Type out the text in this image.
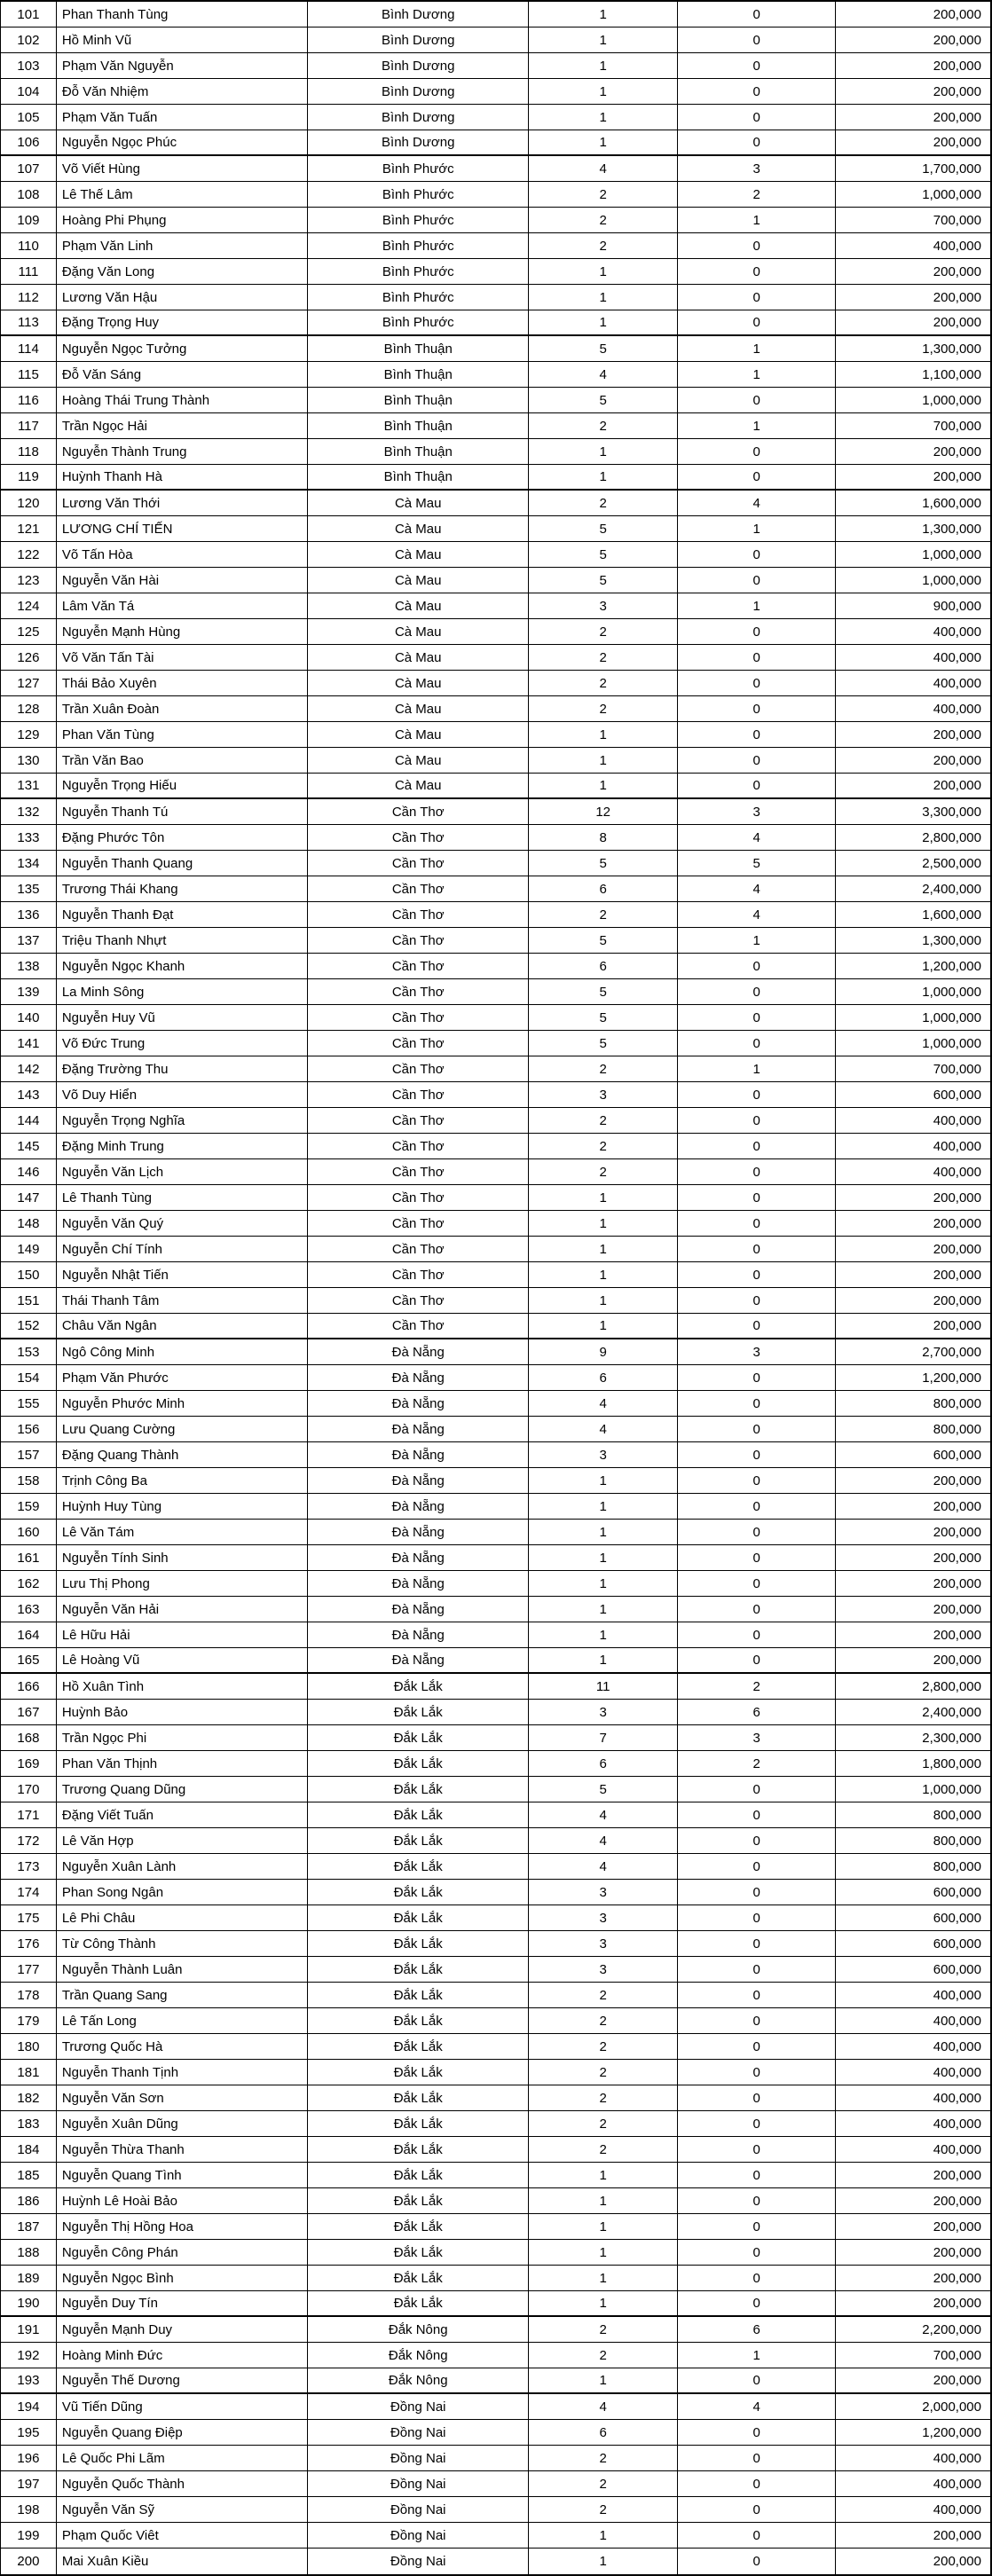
101	Phan Thanh Tùng	Bình Dương	1	0	200,000
102	Hồ Minh Vũ	Bình Dương	1	0	200,000
103	Phạm Văn Nguyễn	Bình Dương	1	0	200,000
104	Đỗ Văn Nhiệm	Bình Dương	1	0	200,000
105	Phạm Văn Tuấn	Bình Dương	1	0	200,000
106	Nguyễn Ngọc Phúc	Bình Dương	1	0	200,000
107	Võ Viết Hùng	Bình Phước	4	3	1,700,000
108	Lê Thế Lâm	Bình Phước	2	2	1,000,000
109	Hoàng Phi Phụng	Bình Phước	2	1	700,000
110	Phạm Văn Linh	Bình Phước	2	0	400,000
111	Đặng Văn Long	Bình Phước	1	0	200,000
112	Lương Văn Hậu	Bình Phước	1	0	200,000
113	Đặng Trọng Huy	Bình Phước	1	0	200,000
114	Nguyễn Ngọc Tưởng	Bình Thuận	5	1	1,300,000
115	Đỗ Văn Sáng	Bình Thuận	4	1	1,100,000
116	Hoàng Thái Trung Thành	Bình Thuận	5	0	1,000,000
117	Trần Ngọc Hải	Bình Thuận	2	1	700,000
118	Nguyễn Thành Trung	Bình Thuận	1	0	200,000
119	Huỳnh Thanh Hà	Bình Thuận	1	0	200,000
120	Lương Văn Thới	Cà Mau	2	4	1,600,000
121	LƯƠNG CHÍ TIẾN	Cà Mau	5	1	1,300,000
122	Võ Tấn Hòa	Cà Mau	5	0	1,000,000
123	Nguyễn Văn Hài	Cà Mau	5	0	1,000,000
124	Lâm Văn Tá	Cà Mau	3	1	900,000
125	Nguyễn Mạnh Hùng	Cà Mau	2	0	400,000
126	Võ Văn Tấn Tài	Cà Mau	2	0	400,000
127	Thái Bảo Xuyên	Cà Mau	2	0	400,000
128	Trần Xuân Đoàn	Cà Mau	2	0	400,000
129	Phan Văn Tùng	Cà Mau	1	0	200,000
130	Trần Văn Bao	Cà Mau	1	0	200,000
131	Nguyễn Trọng Hiếu	Cà Mau	1	0	200,000
132	Nguyễn Thanh Tú	Cần Thơ	12	3	3,300,000
133	Đặng Phước Tôn	Cần Thơ	8	4	2,800,000
134	Nguyễn Thanh Quang	Cần Thơ	5	5	2,500,000
135	Trương Thái Khang	Cần Thơ	6	4	2,400,000
136	Nguyễn Thanh Đạt	Cần Thơ	2	4	1,600,000
137	Triệu Thanh Nhựt	Cần Thơ	5	1	1,300,000
138	Nguyễn Ngọc Khanh	Cần Thơ	6	0	1,200,000
139	La Minh Sông	Cần Thơ	5	0	1,000,000
140	Nguyễn Huy Vũ	Cần Thơ	5	0	1,000,000
141	Võ Đức Trung	Cần Thơ	5	0	1,000,000
142	Đặng Trường Thu	Cần Thơ	2	1	700,000
143	Võ Duy Hiển	Cần Thơ	3	0	600,000
144	Nguyễn Trọng Nghĩa	Cần Thơ	2	0	400,000
145	Đặng Minh Trung	Cần Thơ	2	0	400,000
146	Nguyễn Văn Lịch	Cần Thơ	2	0	400,000
147	Lê Thanh Tùng	Cần Thơ	1	0	200,000
148	Nguyễn Văn Quý	Cần Thơ	1	0	200,000
149	Nguyễn Chí Tính	Cần Thơ	1	0	200,000
150	Nguyễn Nhật Tiến	Cần Thơ	1	0	200,000
151	Thái Thanh Tâm	Cần Thơ	1	0	200,000
152	Châu Văn Ngân	Cần Thơ	1	0	200,000
153	Ngô Công Minh	Đà Nẵng	9	3	2,700,000
154	Phạm Văn Phước	Đà Nẵng	6	0	1,200,000
155	Nguyễn Phước Minh	Đà Nẵng	4	0	800,000
156	Lưu Quang Cường	Đà Nẵng	4	0	800,000
157	Đặng Quang Thành	Đà Nẵng	3	0	600,000
158	Trịnh Công Ba	Đà Nẵng	1	0	200,000
159	Huỳnh Huy Tùng	Đà Nẵng	1	0	200,000
160	Lê Văn Tám	Đà Nẵng	1	0	200,000
161	Nguyễn Tính Sinh	Đà Nẵng	1	0	200,000
162	Lưu Thị Phong	Đà Nẵng	1	0	200,000
163	Nguyễn Văn Hải	Đà Nẵng	1	0	200,000
164	Lê Hữu Hải	Đà Nẵng	1	0	200,000
165	Lê Hoàng Vũ	Đà Nẵng	1	0	200,000
166	Hồ Xuân Tình	Đắk Lắk	11	2	2,800,000
167	Huỳnh Bảo	Đắk Lắk	3	6	2,400,000
168	Trần Ngọc Phi	Đắk Lắk	7	3	2,300,000
169	Phan Văn Thịnh	Đắk Lắk	6	2	1,800,000
170	Trương Quang Dũng	Đắk Lắk	5	0	1,000,000
171	Đặng Viết Tuấn	Đắk Lắk	4	0	800,000
172	Lê Văn Hợp	Đắk Lắk	4	0	800,000
173	Nguyễn Xuân Lành	Đắk Lắk	4	0	800,000
174	Phan Song Ngân	Đắk Lắk	3	0	600,000
175	Lê Phi Châu	Đắk Lắk	3	0	600,000
176	Từ Công Thành	Đắk Lắk	3	0	600,000
177	Nguyễn Thành Luân	Đắk Lắk	3	0	600,000
178	Trần Quang Sang	Đắk Lắk	2	0	400,000
179	Lê Tấn Long	Đắk Lắk	2	0	400,000
180	Trương Quốc Hà	Đắk Lắk	2	0	400,000
181	Nguyễn Thanh Tịnh	Đắk Lắk	2	0	400,000
182	Nguyễn Văn Sơn	Đắk Lắk	2	0	400,000
183	Nguyễn Xuân Dũng	Đắk Lắk	2	0	400,000
184	Nguyễn Thừa Thanh	Đắk Lắk	2	0	400,000
185	Nguyễn Quang Tình	Đắk Lắk	1	0	200,000
186	Huỳnh Lê Hoài Bảo	Đắk Lắk	1	0	200,000
187	Nguyễn Thị Hồng Hoa	Đắk Lắk	1	0	200,000
188	Nguyễn Công Phán	Đắk Lắk	1	0	200,000
189	Nguyễn Ngọc Bình	Đắk Lắk	1	0	200,000
190	Nguyễn Duy Tín	Đắk Lắk	1	0	200,000
191	Nguyễn Mạnh Duy	Đắk Nông	2	6	2,200,000
192	Hoàng Minh Đức	Đắk Nông	2	1	700,000
193	Nguyễn Thế Dương	Đắk Nông	1	0	200,000
194	Vũ Tiến Dũng	Đồng Nai	4	4	2,000,000
195	Nguyễn Quang Điệp	Đồng Nai	6	0	1,200,000
196	Lê Quốc Phi Lãm	Đồng Nai	2	0	400,000
197	Nguyễn Quốc Thành	Đồng Nai	2	0	400,000
198	Nguyễn Văn Sỹ	Đồng Nai	2	0	400,000
199	Phạm Quốc Viêt	Đồng Nai	1	0	200,000
200	Mai Xuân Kiều	Đồng Nai	1	0	200,000
